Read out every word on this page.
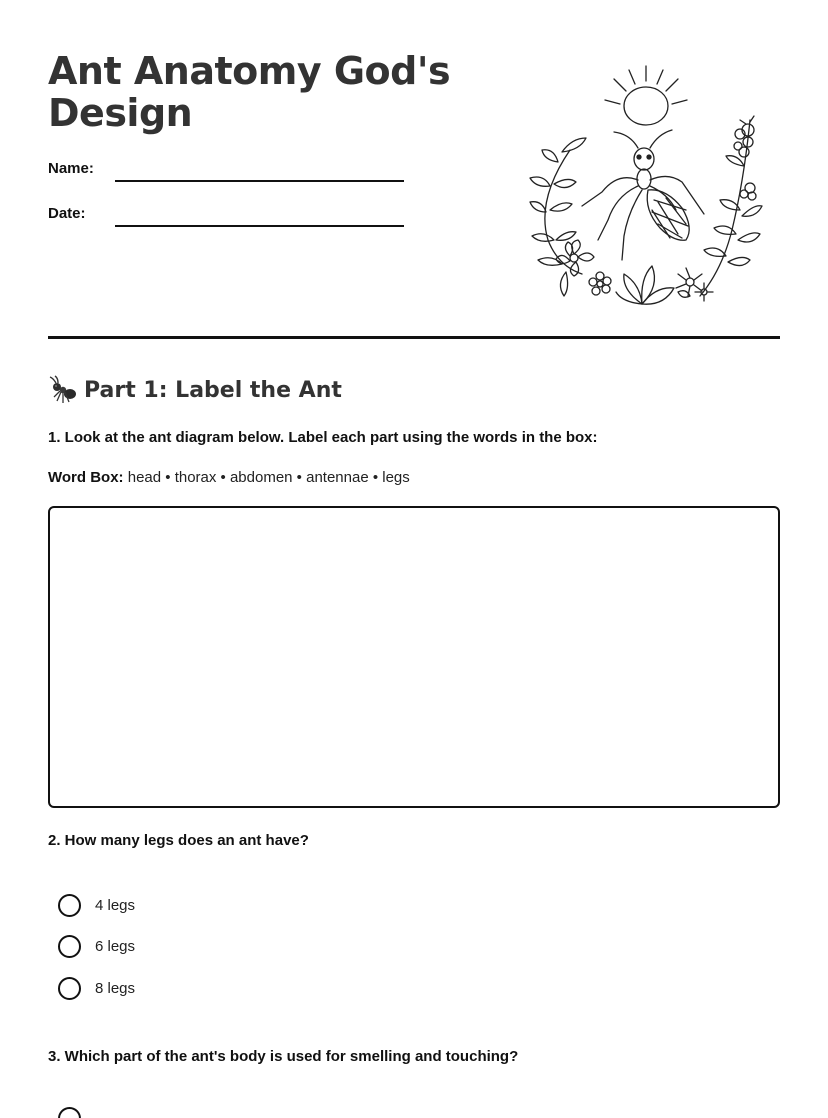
Ant Anatomy God's Design
Name:
Date:
Part 1: Label the Ant
1. Look at the ant diagram below. Label each part using the words in the box:
Word Box: head • thorax • abdomen • antennae • legs
2. How many legs does an ant have?
4 legs
6 legs
8 legs
3. Which part of the ant's body is used for smelling and touching?
